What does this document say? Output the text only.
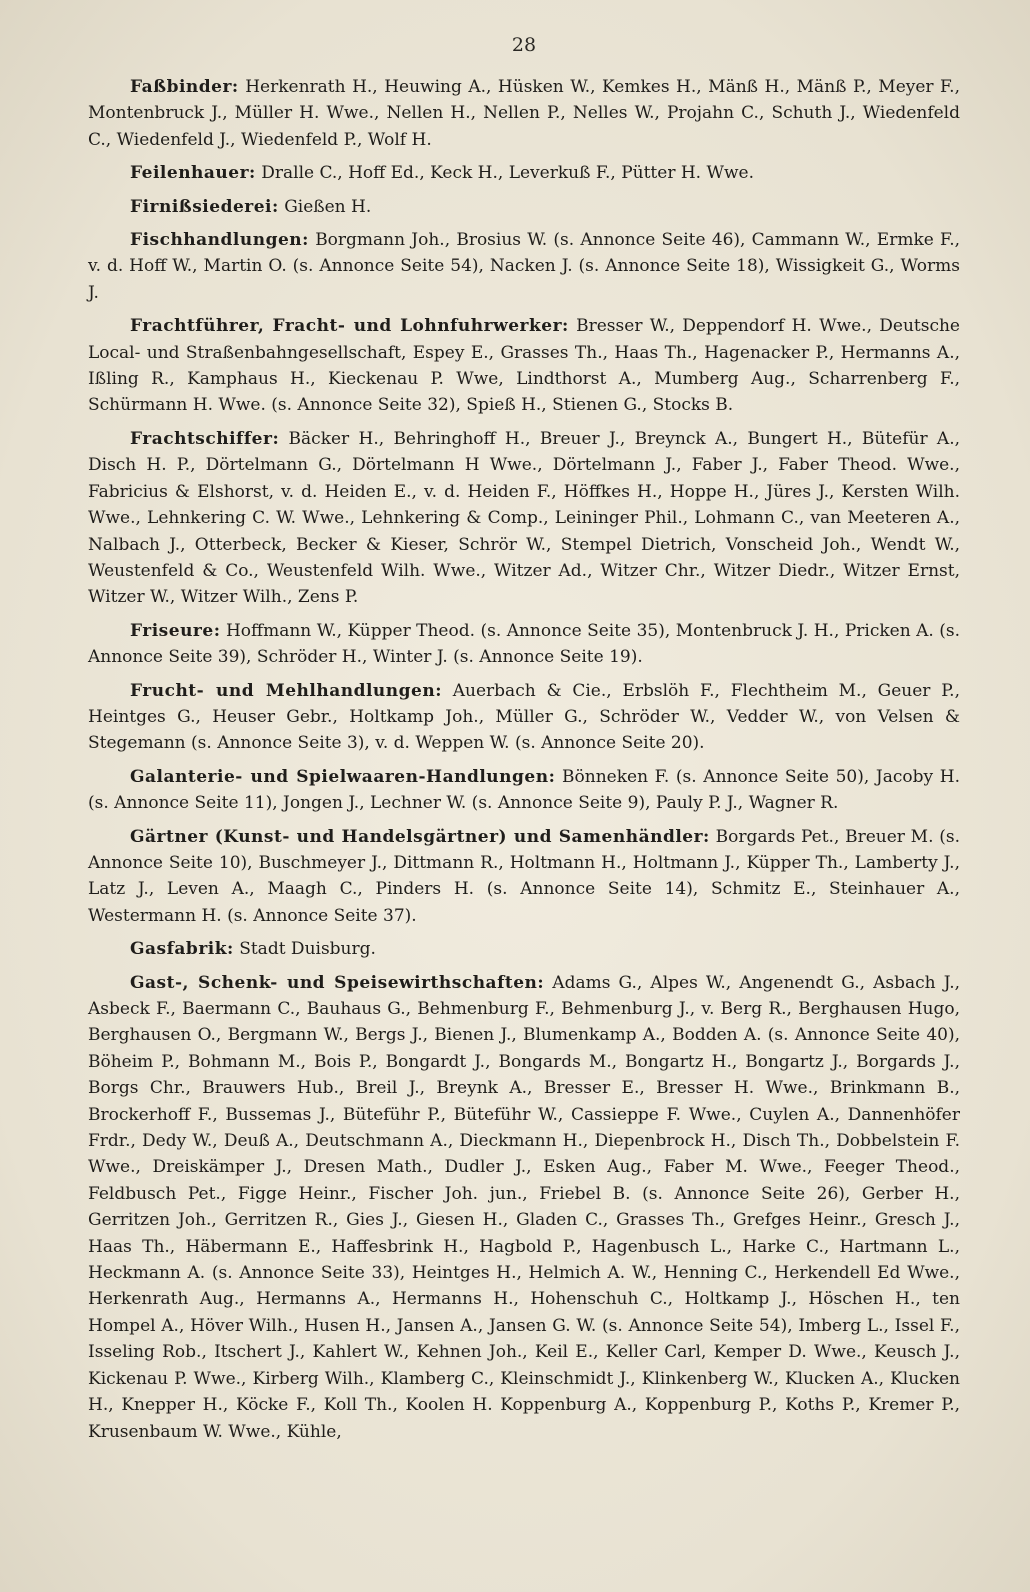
28

Faßbinder: Herkenrath H., Heuwing A., Hüsken W., Kemkes H., Mänß H., Mänß P., Meyer F., Montenbruck J., Müller H. Wwe., Nellen H., Nellen P., Nelles W., Projahn C., Schuth J., Wiedenfeld C., Wiedenfeld J., Wiedenfeld P., Wolf H.

Feilenhauer: Dralle C., Hoff Ed., Keck H., Leverkuß F., Pütter H. Wwe.

Firnißsiederei: Gießen H.

Fischhandlungen: Borgmann Joh., Brosius W. (s. Annonce Seite 46), Cammann W., Ermke F., v. d. Hoff W., Martin O. (s. Annonce Seite 54), Nacken J. (s. Annonce Seite 18), Wissigkeit G., Worms J.

Frachtführer, Fracht- und Lohnfuhrwerker: Bresser W., Deppendorf H. Wwe., Deutsche Local- und Straßenbahngesellschaft, Espey E., Grasses Th., Haas Th., Hagenacker P., Hermanns A., Ißling R., Kamphaus H., Kieckenau P. Wwe, Lindthorst A., Mumberg Aug., Scharrenberg F., Schürmann H. Wwe. (s. Annonce Seite 32), Spieß H., Stienen G., Stocks B.

Frachtschiffer: Bäcker H., Behringhoff H., Breuer J., Breynck A., Bungert H., Bütefür A., Disch H. P., Dörtelmann G., Dörtelmann H Wwe., Dörtelmann J., Faber J., Faber Theod. Wwe., Fabricius & Elshorst, v. d. Heiden E., v. d. Heiden F., Höffkes H., Hoppe H., Jüres J., Kersten Wilh. Wwe., Lehnkering C. W. Wwe., Lehnkering & Comp., Leininger Phil., Lohmann C., van Meeteren A., Nalbach J., Otterbeck, Becker & Kieser, Schrör W., Stempel Dietrich, Vonscheid Joh., Wendt W., Weustenfeld & Co., Weustenfeld Wilh. Wwe., Witzer Ad., Witzer Chr., Witzer Diedr., Witzer Ernst, Witzer W., Witzer Wilh., Zens P.

Friseure: Hoffmann W., Küpper Theod. (s. Annonce Seite 35), Montenbruck J. H., Pricken A. (s. Annonce Seite 39), Schröder H., Winter J. (s. Annonce Seite 19).

Frucht- und Mehlhandlungen: Auerbach & Cie., Erbslöh F., Flechtheim M., Geuer P., Heintges G., Heuser Gebr., Holtkamp Joh., Müller G., Schröder W., Vedder W., von Velsen & Stegemann (s. Annonce Seite 3), v. d. Weppen W. (s. Annonce Seite 20).

Galanterie- und Spielwaaren-Handlungen: Bönneken F. (s. Annonce Seite 50), Jacoby H. (s. Annonce Seite 11), Jongen J., Lechner W. (s. Annonce Seite 9), Pauly P. J., Wagner R.

Gärtner (Kunst- und Handelsgärtner) und Samenhändler: Borgards Pet., Breuer M. (s. Annonce Seite 10), Buschmeyer J., Dittmann R., Holtmann H., Holtmann J., Küpper Th., Lamberty J., Latz J., Leven A., Maagh C., Pinders H. (s. Annonce Seite 14), Schmitz E., Steinhauer A., Westermann H. (s. Annonce Seite 37).

Gasfabrik: Stadt Duisburg.

Gast-, Schenk- und Speisewirthschaften: Adams G., Alpes W., Angenendt G., Asbach J., Asbeck F., Baermann C., Bauhaus G., Behmenburg F., Behmenburg J., v. Berg R., Berghausen Hugo, Berghausen O., Bergmann W., Bergs J., Bienen J., Blumenkamp A., Bodden A. (s. Annonce Seite 40), Böheim P., Bohmann M., Bois P., Bongardt J., Bongards M., Bongartz H., Bongartz J., Borgards J., Borgs Chr., Brauwers Hub., Breil J., Breynk A., Bresser E., Bresser H. Wwe., Brinkmann B., Brockerhoff F., Bussemas J., Büteführ P., Büteführ W., Cassieppe F. Wwe., Cuylen A., Dannenhöfer Frdr., Dedy W., Deuß A., Deutschmann A., Dieckmann H., Diepenbrock H., Disch Th., Dobbelstein F. Wwe., Dreiskämper J., Dresen Math., Dudler J., Esken Aug., Faber M. Wwe., Feeger Theod., Feldbusch Pet., Figge Heinr., Fischer Joh. jun., Friebel B. (s. Annonce Seite 26), Gerber H., Gerritzen Joh., Gerritzen R., Gies J., Giesen H., Gladen C., Grasses Th., Grefges Heinr., Gresch J., Haas Th., Häbermann E., Haffesbrink H., Hagbold P., Hagenbusch L., Harke C., Hartmann L., Heckmann A. (s. Annonce Seite 33), Heintges H., Helmich A. W., Henning C., Herkendell Ed Wwe., Herkenrath Aug., Hermanns A., Hermanns H., Hohenschuh C., Holtkamp J., Höschen H., ten Hompel A., Höver Wilh., Husen H., Jansen A., Jansen G. W. (s. Annonce Seite 54), Imberg L., Issel F., Isseling Rob., Itschert J., Kahlert W., Kehnen Joh., Keil E., Keller Carl, Kemper D. Wwe., Keusch J., Kickenau P. Wwe., Kirberg Wilh., Klamberg C., Kleinschmidt J., Klinkenberg W., Klucken A., Klucken H., Knepper H., Köcke F., Koll Th., Koolen H. Koppenburg A., Koppenburg P., Koths P., Kremer P., Krusenbaum W. Wwe., Kühle,
